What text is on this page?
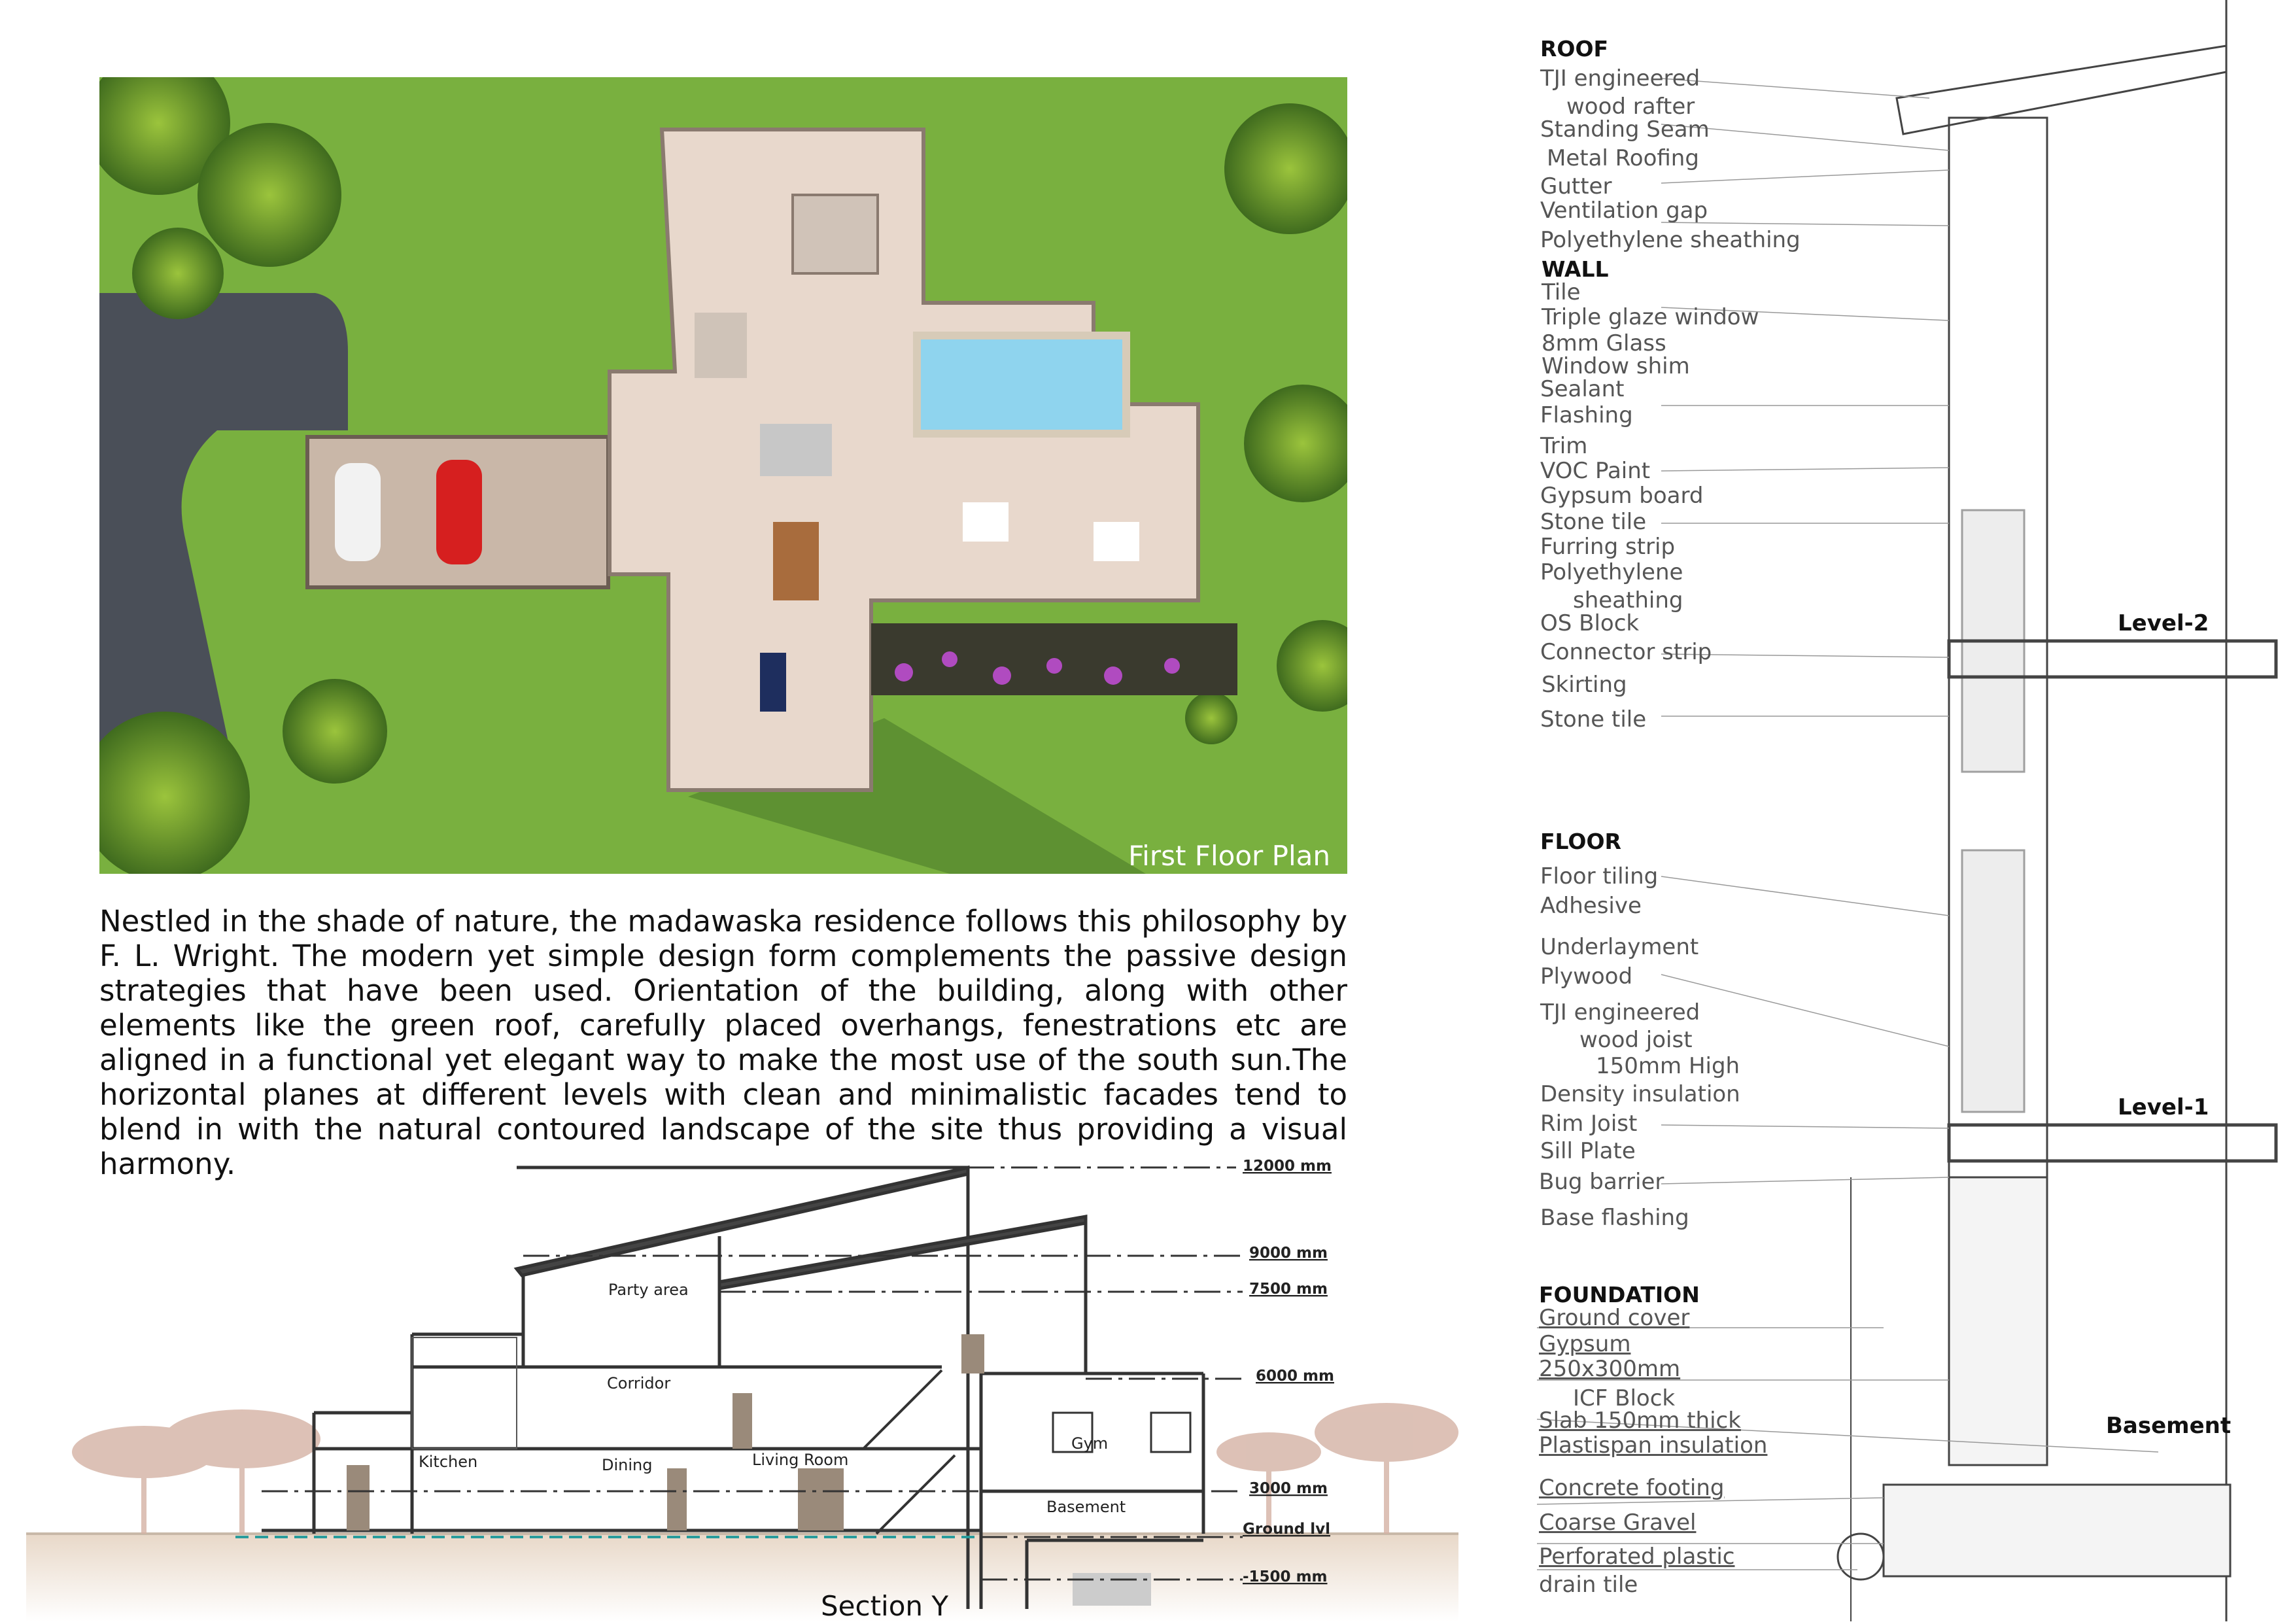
First Floor Plan
Nestled in the shade of nature, the madawaska residence follows this philosophy by F. L. Wright. The modern yet simple design form complements the passive design strategies that have been used. Orientation of the building, along with other elements like the green roof, carefully placed overhangs, fenestrations etc are aligned in a functional yet elegant way to make the most use of the south sun.The horizontal planes at different levels with clean and minimalistic facades tend to blend in with the natural contoured landscape of the site thus providing a visual harmony.
Party area
Corridor
Kitchen	Dining	Living Room
Gym
Basement
12000 mm
9000 mm
7500 mm
6000 mm
3000 mm
Ground lvl
-1500 mm
Section Y
ROOF
TJI engineered
wood rafter
Standing Seam
Metal Roofing
Gutter
Ventilation gap
Polyethylene sheathing
WALL
Tile
Triple glaze window
8mm Glass
Window shim
Sealant
Flashing
Trim
VOC Paint
Gypsum board
Stone tile
Furring strip
Polyethylene
sheathing
OS Block
Connector strip
Skirting
Stone tile
FLOOR
Floor tiling
Adhesive
Underlayment
Plywood
TJI engineered
wood joist
150mm High
Density insulation
Rim Joist
Sill Plate
Bug barrier
Base flashing
FOUNDATION
Ground cover
Gypsum
250x300mm
ICF Block
Slab 150mm thick
Plastispan insulation
Concrete footing
Coarse Gravel
Perforated plastic
drain tile
Level-2
Level-1
Basement
